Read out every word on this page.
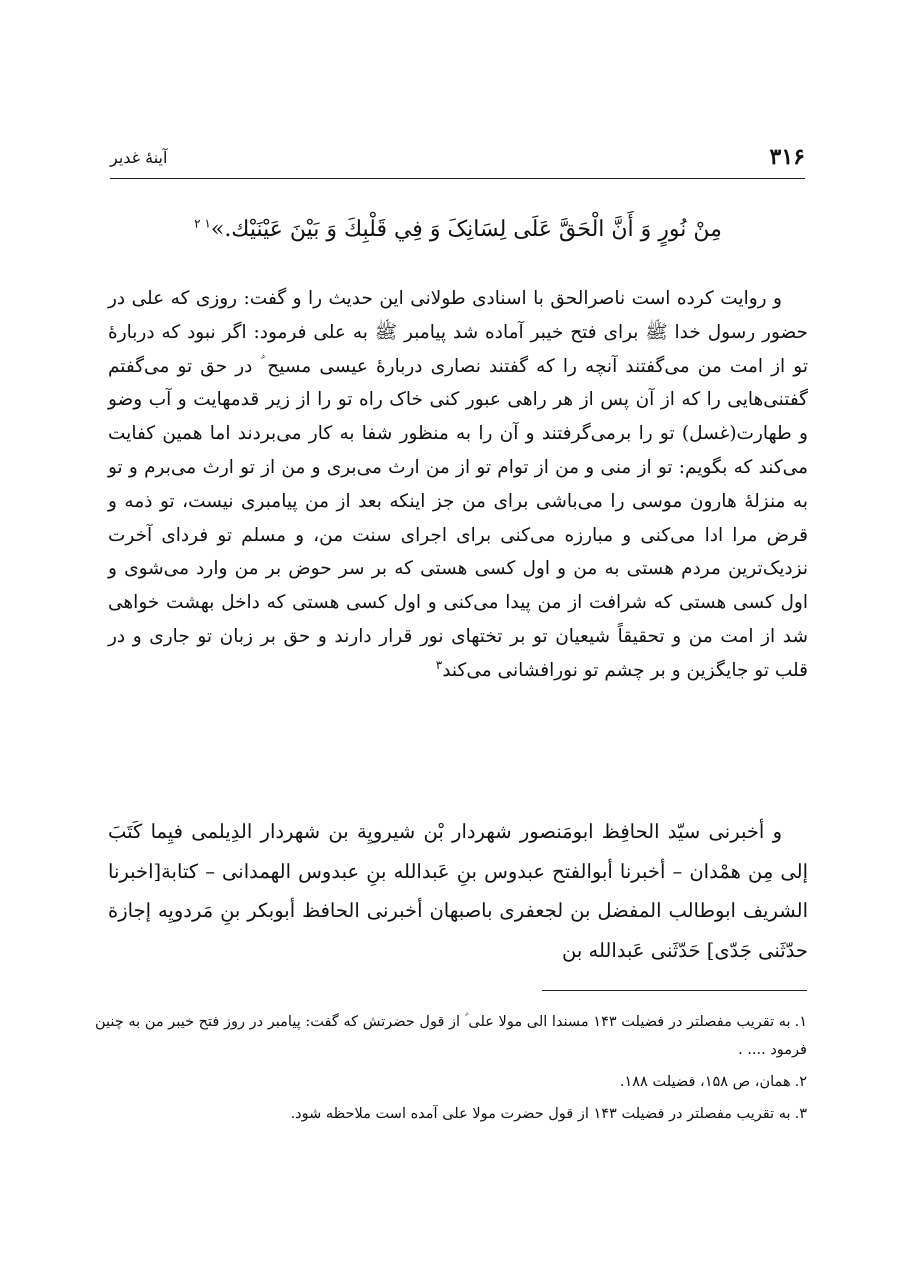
۳۱۶
آینهٔ غدیر
مِنْ نُورٍ وَ أَنَّ الْحَقَّ عَلَى لِسَانِکَ وَ فِي قَلْبِكَ وَ بَيْنَ عَيْنَيْك.»$^{۱ ۲}$
و روایت کرده است ناصرالحق با اسنادی طولانی این حدیث را و گفت: روزی که علی در حضور رسول خدا ﷺ برای فتح خیبر آماده شد پیامبر ﷺ به علی فرمود: اگر نبود که دربارهٔ تو از امت من می‌گفتند آنچه را که گفتند نصاری دربارهٔ عیسی مسیح ؑ در حق تو می‌گفتم گفتنی‌هایی را که از آن پس از هر راهی عبور کنی خاک راه تو را از زیر قدمهایت و آب وضو و طهارت(غسل) تو را برمی‌گرفتند و آن را به منظور شفا به کار می‌بردند اما همین کفایت می‌کند که بگویم: تو از منی و من از توام تو از من ارث می‌بری و من از تو ارث می‌برم و تو به منزلهٔ هارون موسی را می‌باشی برای من جز اینکه بعد از من پیامبری نیست، تو ذمه و قرض مرا ادا می‌کنی و مبارزه می‌کنی برای اجرای سنت من، و مسلم تو فردای آخرت نزدیک‌ترین مردم هستی به من و اول کسی هستی که بر سر حوض بر من وارد می‌شوی و اول کسی هستی که شرافت از من پیدا می‌کنی و اول کسی هستی که داخل بهشت خواهی شد از امت من و تحقیقاً شیعیان تو بر تختهای نور قرار دارند و حق بر زبان تو جاری و در قلب تو جایگزین و بر چشم تو نورافشانی می‌کند$^۳$
و أخبرنی سیّد الحافِظ ابومَنصور شهردار بْن شیرویِة بن شهردار الدِیلمی فیِما کَتَبَ إلی مِن همْدان – أخبرنا أبوالفتح عبدوس بنِ عَبدالله بنِ عبدوس الهمدانی – کتابة[اخبرنا الشریف ابوطالب المفضل بن لجعفری باصبهان أخبرنی الحافظ أبوبکر بنِ مَردویِه إجازة حدّثَنی جَدّی] حَدّثَنی عَبدالله بن

۱.به تقریب مفصلتر در فضیلت ۱۴۳ مسندا الی مولا علی ؑ از قول حضرتش که گفت: پیامبر در روز فتح خیبر من به چنین فرمود .... .

۲.همان، ص ۱۵۸، فضیلت ۱۸۸.

۳.به تقریب مفصلتر در فضیلت ۱۴۳ از قول حضرت مولا علی آمده است ملاحظه شود.
